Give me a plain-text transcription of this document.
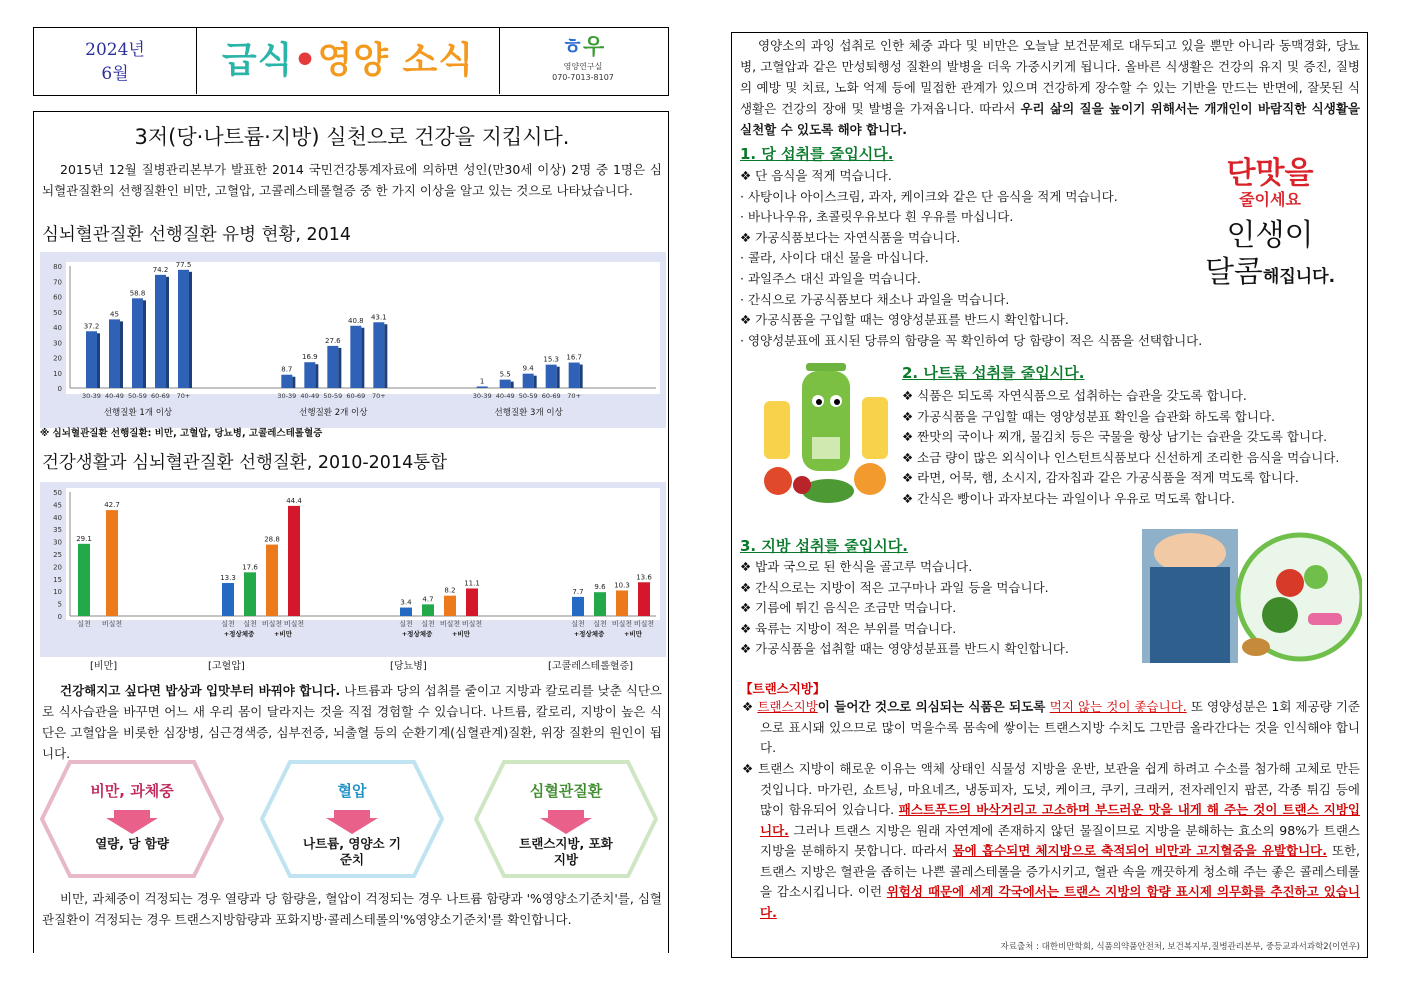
2024년
6월	급식•영양 소식	ㅎ우
영양연구실
070-7013-8107
3저(당·나트륨·지방) 실천으로 건강을 지킵시다.
2015년 12월 질병관리본부가 발표한 2014 국민건강통계자료에 의하면 성인(만30세 이상) 2명 중 1명은 심뇌혈관질환의 선행질환인 비만, 고혈압, 고콜레스테롤혈증 중 한 가지 이상을 알고 있는 것으로 나타났습니다.
심뇌혈관질환 선행질환 유병 현황, 2014
0
10
20
30
40
50
60
70
80
37.2
30-39
45
40-49
58.8
50-59
74.2
60-69
77.5
70+
선행질환 1개 이상
8.7
30-39
16.9
40-49
27.6
50-59
40.8
60-69
43.1
70+
선행질환 2개 이상
1
30-39
5.5
40-49
9.4
50-59
15.3
60-69
16.7
70+
선행질환 3개 이상
※ 심뇌혈관질환 선행질환: 비만, 고혈압, 당뇨병, 고콜레스테롤혈증
건강생활과 심뇌혈관질환 선행질환, 2010-2014통합
0
5
10
15
20
25
30
35
40
45
50
29.1
실천
42.7
비실천
13.3
실천
17.6
실천
28.8
비실천
44.4
비실천
+정상체중	+비만
3.4
실천
4.7
실천
8.2
비실천
11.1
비실천
+정상체중	+비만
7.7
실천
9.6
실천
10.3
비실천
13.6
비실천
+정상체중	+비만
[비만]	[고혈압]	[당뇨병]	[고콜레스테롤혈증]
건강해지고 싶다면 밥상과 입맛부터 바꿔야 합니다. 나트륨과 당의 섭취를 줄이고 지방과 칼로리를 낮춘 식단으로 식사습관을 바꾸면 어느 새 우리 몸이 달라지는 것을 직접 경험할 수 있습니다. 나트륨, 칼로리, 지방이 높은 식단은 고혈압을 비롯한 심장병, 심근경색증, 심부전증, 뇌출혈 등의 순환기계(심혈관계)질환, 위장 질환의 원인이 됩니다.
비만, 과체중
열량, 당 함량
혈압
나트륨, 영양소 기준치
심혈관질환
트랜스지방, 포화지방
비만, 과체중이 걱정되는 경우 열량과 당 함량을, 혈압이 걱정되는 경우 나트륨 함량과 '%영양소기준치'를, 심혈관질환이 걱정되는 경우 트랜스지방함량과 포화지방·콜레스테롤의'%영양소기준치'를 확인합니다.
영양소의 과잉 섭취로 인한 체중 과다 및 비만은 오늘날 보건문제로 대두되고 있을 뿐만 아니라 동맥경화, 당뇨병, 고혈압과 같은 만성퇴행성 질환의 발병을 더욱 가중시키게 됩니다. 올바른 식생활은 건강의 유지 및 증진, 질병의 예방 및 치료, 노화 억제 등에 밀접한 관계가 있으며 건강하게 장수할 수 있는 기반을 만드는 반면에, 잘못된 식생활은 건강의 장애 및 발병을 가져옵니다. 따라서 우리 삶의 질을 높이기 위해서는 개개인이 바람직한 식생활을 실천할 수 있도록 해야 합니다.
1. 당 섭취를 줄입시다.
❖ 단 음식을 적게 먹습니다.
· 사탕이나 아이스크림, 과자, 케이크와 같은 단 음식을 적게 먹습니다.
· 바나나우유, 초콜릿우유보다 흰 우유를 마십니다.
❖ 가공식품보다는 자연식품을 먹습니다.
· 콜라, 사이다 대신 물을 마십니다.
· 과일주스 대신 과일을 먹습니다.
· 간식으로 가공식품보다 채소나 과일을 먹습니다.
❖ 가공식품을 구입할 때는 영양성분표를 반드시 확인합니다.
· 영양성분표에 표시된 당류의 함량을 꼭 확인하여 당 함량이 적은 식품을 선택합니다.
단맛을
줄이세요
인생이
달콤해집니다.
2. 나트륨 섭취를 줄입시다.
❖ 식품은 되도록 자연식품으로 섭취하는 습관을 갖도록 합니다.
❖ 가공식품을 구입할 때는 영양성분표 확인을 습관화 하도록 합니다.
❖ 짠맛의 국이나 찌개, 물김치 등은 국물을 항상 남기는 습관을 갖도록 합니다.
❖ 소금 량이 많은 외식이나 인스턴트식품보다 신선하게 조리한 음식을 먹습니다.
❖ 라면, 어묵, 햄, 소시지, 감자칩과 같은 가공식품을 적게 먹도록 합니다.
❖ 간식은 빵이나 과자보다는 과일이나 우유로 먹도록 합니다.
3. 지방 섭취를 줄입시다.
❖ 밥과 국으로 된 한식을 골고루 먹습니다.
❖ 간식으로는 지방이 적은 고구마나 과일 등을 먹습니다.
❖ 기름에 튀긴 음식은 조금만 먹습니다.
❖ 육류는 지방이 적은 부위를 먹습니다.
❖ 가공식품을 섭취할 때는 영양성분표를 반드시 확인합니다.
【트랜스지방】
❖ 트랜스지방이 들어간 것으로 의심되는 식품은 되도록 먹지 않는 것이 좋습니다. 또 영양성분은 1회 제공량 기준으로 표시돼 있으므로 많이 먹을수록 몸속에 쌓이는 트랜스지방 수치도 그만큼 올라간다는 것을 인식해야 합니다.
❖ 트랜스 지방이 해로운 이유는 액체 상태인 식물성 지방을 운반, 보관을 쉽게 하려고 수소를 첨가해 고체로 만든 것입니다. 마가린, 쇼트닝, 마요네즈, 냉동피자, 도넛, 케이크, 쿠키, 크래커, 전자레인지 팝콘, 각종 튀김 등에 많이 함유되어 있습니다. 패스트푸드의 바삭거리고 고소하며 부드러운 맛을 내게 해 주는 것이 트랜스 지방입니다. 그러나 트랜스 지방은 원래 자연계에 존재하지 않던 물질이므로 지방을 분해하는 효소의 98%가 트랜스 지방을 분해하지 못합니다. 따라서 몸에 흡수되면 체지방으로 축적되어 비만과 고지혈증을 유발합니다. 또한, 트랜스 지방은 혈관을 좁히는 나쁜 콜레스테롤을 증가시키고, 혈관 속을 깨끗하게 청소해 주는 좋은 콜레스테롤을 감소시킵니다. 이런 위험성 때문에 세계 각국에서는 트랜스 지방의 함량 표시제 의무화를 추진하고 있습니다.
자료출처 : 대한비만학회, 식품의약품안전처, 보건복지부,질병관리본부, 중등교과서과학2(이연우)
